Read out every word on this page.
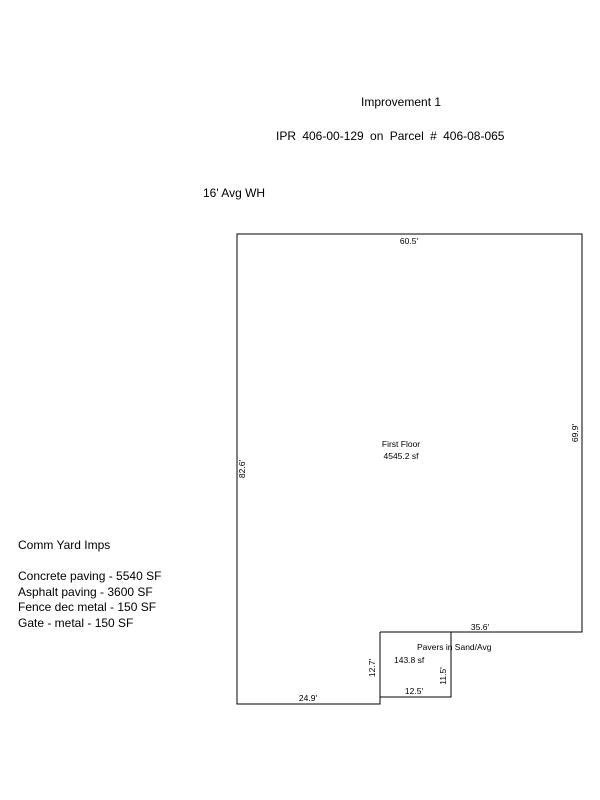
Improvement 1
IPR 406-00-129 on Parcel # 406-08-065
16' Avg WH
First Floor
4545.2 sf
Pavers in Sand/Avg
143.8 sf
60.5'
69.9'
82.6'
35.6'
24.9'
12.7'	11.5'
12.5'
Comm Yard Imps
Concrete paving - 5540 SF
Asphalt paving - 3600 SF
Fence dec metal - 150 SF
Gate - metal - 150 SF
